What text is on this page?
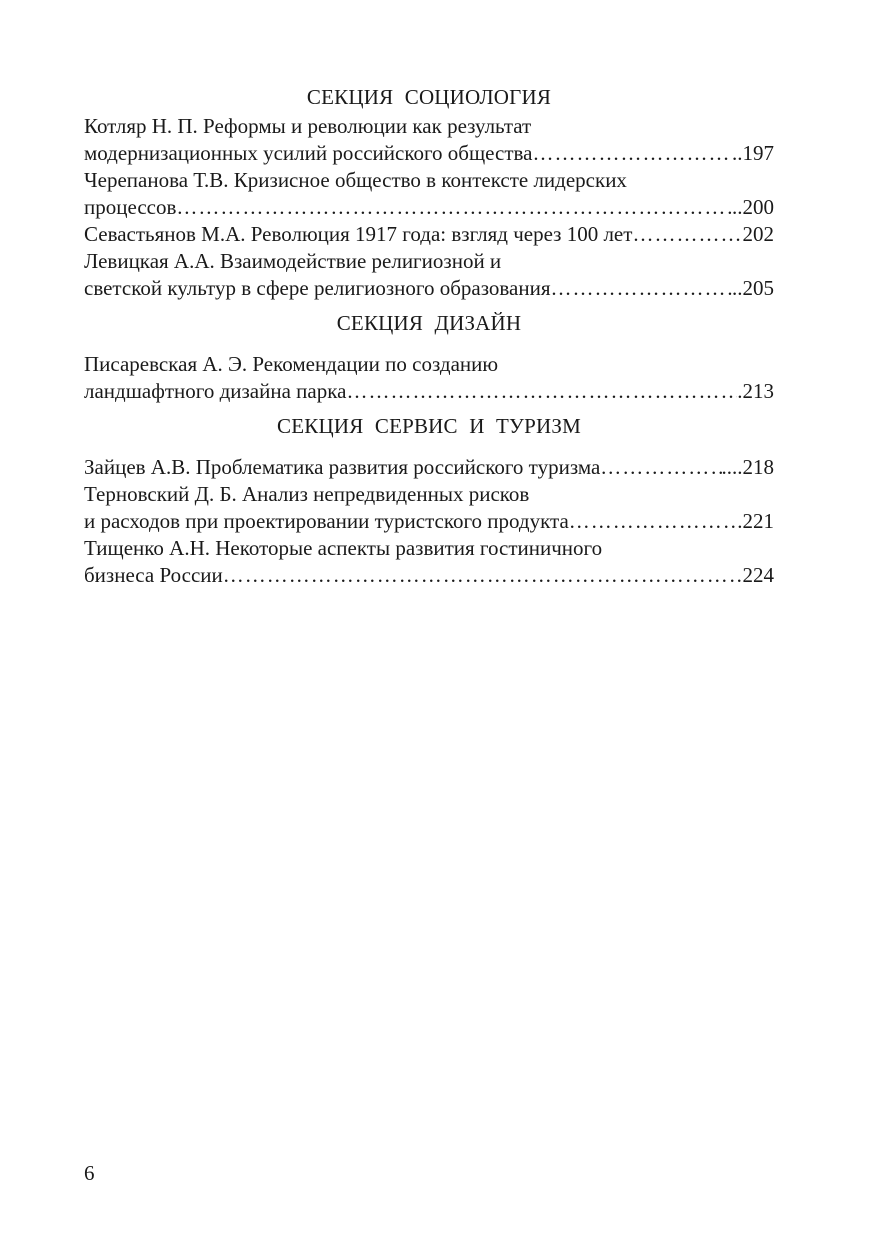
СЕКЦИЯ СОЦИОЛОГИЯ

Котляр Н. П. Реформы и революции как результат
модернизационных усилий российского общества ……………………………………………………………………………………………………………………………………	..197
Черепанова Т.В. Кризисное общество в контексте лидерских
процессов ……………………………………………………………………………………………………………………………………	..200
Севастьянов М.А. Революция 1917 года: взгляд через 100 лет ……………………………………………………………………………………………………………………………………	202
Левицкая А.А. Взаимодействие религиозной и
светской культур в сфере религиозного образования ……………………………………………………………………………………………………………………………………	..205

СЕКЦИЯ ДИЗАЙН

Писаревская А. Э. Рекомендации по созданию
ландшафтного дизайна парка ……………………………………………………………………………………………………………………………………	.213

СЕКЦИЯ СЕРВИС И ТУРИЗМ

Зайцев А.В. Проблематика развития российского туризма ……………………………………………………………………………………………………………………………………	....218
Терновский Д. Б. Анализ непредвиденных рисков
и расходов при проектировании туристского продукта ……………………………………………………………………………………………………………………………………	.221
Тищенко А.Н. Некоторые аспекты развития гостиничного
бизнеса России ……………………………………………………………………………………………………………………………………	224
6
